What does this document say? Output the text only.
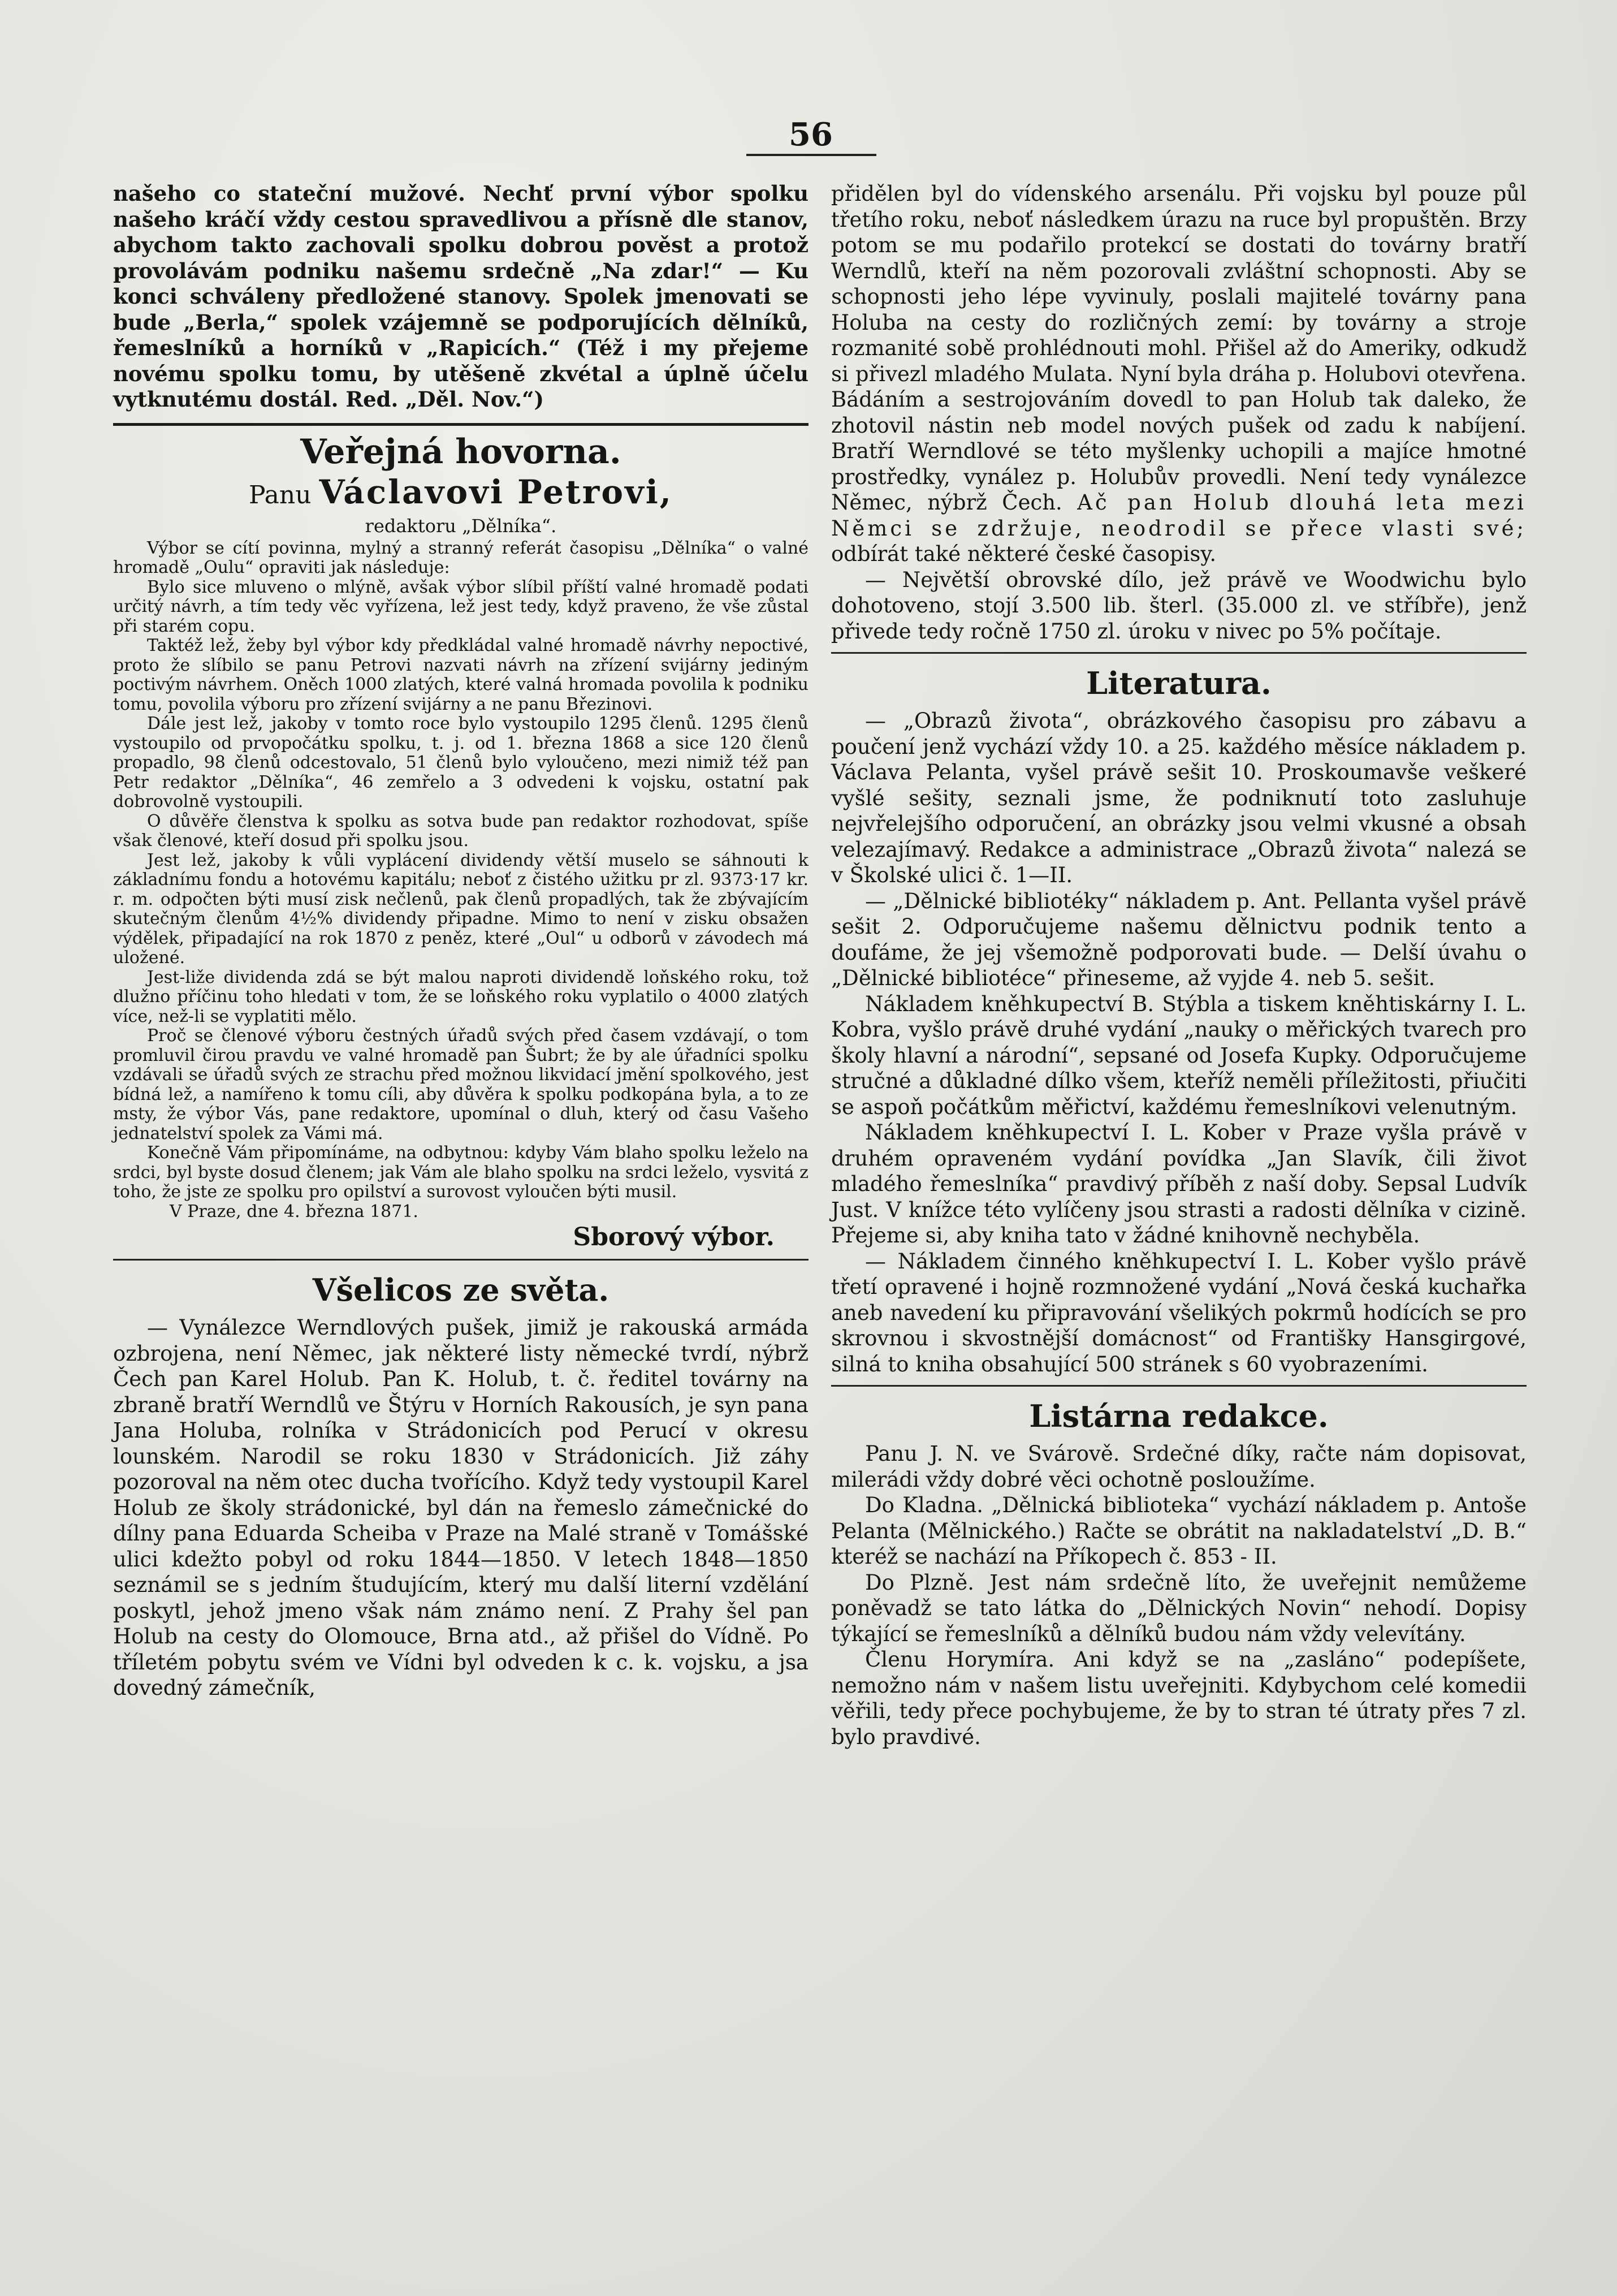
56

našeho co stateční mužové. Nechť první výbor spolku našeho kráčí vždy cestou spravedlivou a přísně dle stanov, abychom takto zachovali spolku dobrou pověst a protož provolávám podniku našemu srdečně „Na zdar!“ — Ku konci schváleny předložené stanovy. Spolek jmenovati se bude „Berla,“ spolek vzájemně se podporujících dělníků, řemeslníků a horníků v „Rapicích.“ (Též i my přejeme novému spolku tomu, by utěšeně zkvétal a úplně účelu vytknutému dostál. Red. „Děl. Nov.“)

Veřejná hovorna.
Panu Václavovi Petrovi,
redaktoru „Dělníka“.

Výbor se cítí povinna, mylný a stranný referát časopisu „Dělníka“ o valné hromadě „Oulu“ opraviti jak následuje:

Bylo sice mluveno o mlýně, avšak výbor slíbil příští valné hromadě podati určitý návrh, a tím tedy věc vyřízena, lež jest tedy, když praveno, že vše zůstal při starém copu.

Taktéž lež, žeby byl výbor kdy předkládal valné hromadě návrhy nepoctivé, proto že slíbilo se panu Petrovi nazvati návrh na zřízení svijárny jediným poctivým návrhem. Oněch 1000 zlatých, které valná hromada povolila k podniku tomu, povolila výboru pro zřízení svijárny a ne panu Březinovi.

Dále jest lež, jakoby v tomto roce bylo vystoupilo 1295 členů. 1295 členů vystoupilo od prvopočátku spolku, t. j. od 1. března 1868 a sice 120 členů propadlo, 98 členů odcestovalo, 51 členů bylo vyloučeno, mezi nimiž též pan Petr redaktor „Dělníka“, 46 zemřelo a 3 odvedeni k vojsku, ostatní pak dobrovolně vystoupili.

O důvěře členstva k spolku as sotva bude pan redaktor rozhodovat, spíše však členové, kteří dosud při spolku jsou.

Jest lež, jakoby k vůli vyplácení dividendy větší muselo se sáhnouti k základnímu fondu a hotovému kapitálu; neboť z čistého užitku pr zl. 9373·17 kr. r. m. odpočten býti musí zisk nečlenů, pak členů propadlých, tak že zbývajícím skutečným členům 4½% dividendy připadne. Mimo to není v zisku obsažen výdělek, připadající na rok 1870 z peněz, které „Oul“ u odborů v závodech má uložené.

Jest-liže dividenda zdá se být malou naproti dividendě loňského roku, tož dlužno příčinu toho hledati v tom, že se loňského roku vyplatilo o 4000 zlatých více, než-li se vyplatiti mělo.

Proč se členové výboru čestných úřadů svých před časem vzdávají, o tom promluvil čirou pravdu ve valné hromadě pan Šubrt; že by ale úřadníci spolku vzdávali se úřadů svých ze strachu před možnou likvidací jmění spolkového, jest bídná lež, a namířeno k tomu cíli, aby důvěra k spolku podkopána byla, a to ze msty, že výbor Vás, pane redaktore, upomínal o dluh, který od času Vašeho jednatelství spolek za Vámi má.

Konečně Vám připomínáme, na odbytnou: kdyby Vám blaho spolku leželo na srdci, byl byste dosud členem; jak Vám ale blaho spolku na srdci leželo, vysvitá z toho, že jste ze spolku pro opilství a surovost vyloučen býti musil.

V Praze, dne 4. března 1871.

Sborový výbor.
Všelicos ze světa.

— Vynálezce Werndlových pušek, jimiž je rakouská armáda ozbrojena, není Němec, jak některé listy německé tvrdí, nýbrž Čech pan Karel Holub. Pan K. Holub, t. č. ředitel továrny na zbraně bratří Werndlů ve Štýru v Horních Rakousích, je syn pana Jana Holuba, rolníka v Strádonicích pod Perucí v okresu lounském. Narodil se roku 1830 v Strádonicích. Již záhy pozoroval na něm otec ducha tvořícího. Když tedy vystoupil Karel Holub ze školy strádonické, byl dán na řemeslo zámečnické do dílny pana Eduarda Scheiba v Praze na Malé straně v Tomášské ulici kdežto pobyl od roku 1844—1850. V letech 1848—1850 seznámil se s jedním študujícím, který mu další literní vzdělání poskytl, jehož jmeno však nám známo není. Z Prahy šel pan Holub na cesty do Olomouce, Brna atd., až přišel do Vídně. Po tříletém pobytu svém ve Vídni byl odveden k c. k. vojsku, a jsa dovedný zámečník,

přidělen byl do vídenského arsenálu. Při vojsku byl pouze půl třetího roku, neboť následkem úrazu na ruce byl propuštěn. Brzy potom se mu podařilo protekcí se dostati do továrny bratří Werndlů, kteří na něm pozorovali zvláštní schopnosti. Aby se schopnosti jeho lépe vyvinuly, poslali majitelé továrny pana Holuba na cesty do rozličných zemí: by továrny a stroje rozmanité sobě prohlédnouti mohl. Přišel až do Ameriky, odkudž si přivezl mladého Mulata. Nyní byla dráha p. Holubovi otevřena. Bádáním a sestrojováním dovedl to pan Holub tak daleko, že zhotovil nástin neb model nových pušek od zadu k nabíjení. Bratří Werndlové se této myšlenky uchopili a majíce hmotné prostředky, vynález p. Holubův provedli. Není tedy vynálezce Němec, nýbrž Čech. Ač pan Holub dlouhá leta mezi Němci se zdržuje, neodrodil se přece vlasti své; odbírát také některé české časopisy.

— Největší obrovské dílo, jež právě ve Woodwichu bylo dohotoveno, stojí 3.500 lib. šterl. (35.000 zl. ve stříbře), jenž přivede tedy ročně 1750 zl. úroku v nivec po 5% počítaje.

Literatura.

— „Obrazů života“, obrázkového časopisu pro zábavu a poučení jenž vychází vždy 10. a 25. každého měsíce nákladem p. Václava Pelanta, vyšel právě sešit 10. Proskoumavše veškeré vyšlé sešity, seznali jsme, že podniknutí toto zasluhuje nejvřelejšího odporučení, an obrázky jsou velmi vkusné a obsah velezajímavý. Redakce a administrace „Obrazů života“ nalezá se v Školské ulici č. 1—II.

— „Dělnické bibliotéky“ nákladem p. Ant. Pellanta vyšel právě sešit 2. Odporučujeme našemu dělnictvu podnik tento a doufáme, že jej všemožně podporovati bude. — Delší úvahu o „Dělnické bibliotéce“ přineseme, až vyjde 4. neb 5. sešit.

Nákladem kněhkupectví B. Stýbla a tiskem kněhtiskárny I. L. Kobra, vyšlo právě druhé vydání „nauky o měřických tvarech pro školy hlavní a národní“, sepsané od Josefa Kupky. Odporučujeme stručné a důkladné dílko všem, kteříž neměli příležitosti, přiučiti se aspoň počátkům měřictví, každému řemeslníkovi velenutným.

Nákladem kněhkupectví I. L. Kober v Praze vyšla právě v druhém opraveném vydání povídka „Jan Slavík, čili život mladého řemeslníka“ pravdivý příběh z naší doby. Sepsal Ludvík Just. V knížce této vylíčeny jsou strasti a radosti dělníka v cizině. Přejeme si, aby kniha tato v žádné knihovně nechyběla.

— Nákladem činného kněhkupectví I. L. Kober vyšlo právě třetí opravené i hojně rozmnožené vydání „Nová česká kuchařka aneb navedení ku připravování všelikých pokrmů hodících se pro skrovnou i skvostnější domácnost“ od Františky Hansgirgové, silná to kniha obsahující 500 stránek s 60 vyobrazeními.

Listárna redakce.

Panu J. N. ve Svárově. Srdečné díky, račte nám dopisovat, milerádi vždy dobré věci ochotně posloužíme.

Do Kladna. „Dělnická biblioteka“ vychází nákladem p. Antoše Pelanta (Mělnického.) Račte se obrátit na nakladatelství „D. B.“ kteréž se nachází na Příkopech č. 853 - II.

Do Plzně. Jest nám srdečně líto, že uveřejnit nemůžeme poněvadž se tato látka do „Dělnických Novin“ nehodí. Dopisy týkající se řemeslníků a dělníků budou nám vždy velevítány.

Členu Horymíra. Ani když se na „zasláno“ podepíšete, nemožno nám v našem listu uveřejniti. Kdybychom celé komedii věřili, tedy přece pochybujeme, že by to stran té útraty přes 7 zl. bylo pravdivé.
